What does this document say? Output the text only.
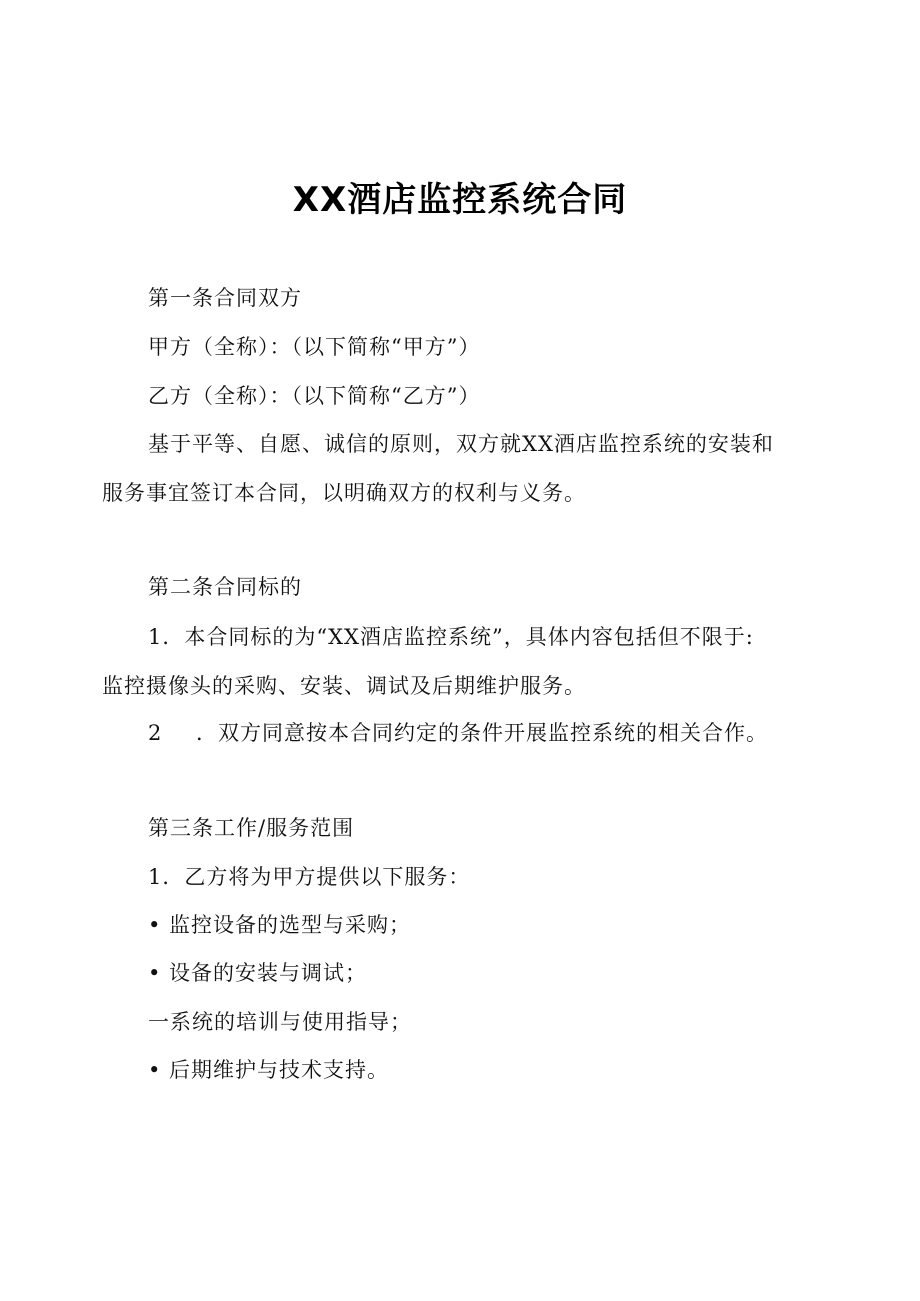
XX酒店监控系统合同
第一条合同双方
甲方（全称）：（以下简称“甲方”）
乙方（全称）：（以下简称“乙方”）
基于平等、自愿、诚信的原则，双方就XX酒店监控系统的安装和
服务事宜签订本合同，以明确双方的权利与义务。
第二条合同标的
1．本合同标的为“XX酒店监控系统”，具体内容包括但不限于:
监控摄像头的采购、安装、调试及后期维护服务。
2 ．双方同意按本合同约定的条件开展监控系统的相关合作。
第三条工作/服务范围
1．乙方将为甲方提供以下服务：
• 监控设备的选型与采购；
• 设备的安装与调试；
一系统的培训与使用指导；
• 后期维护与技术支持。
